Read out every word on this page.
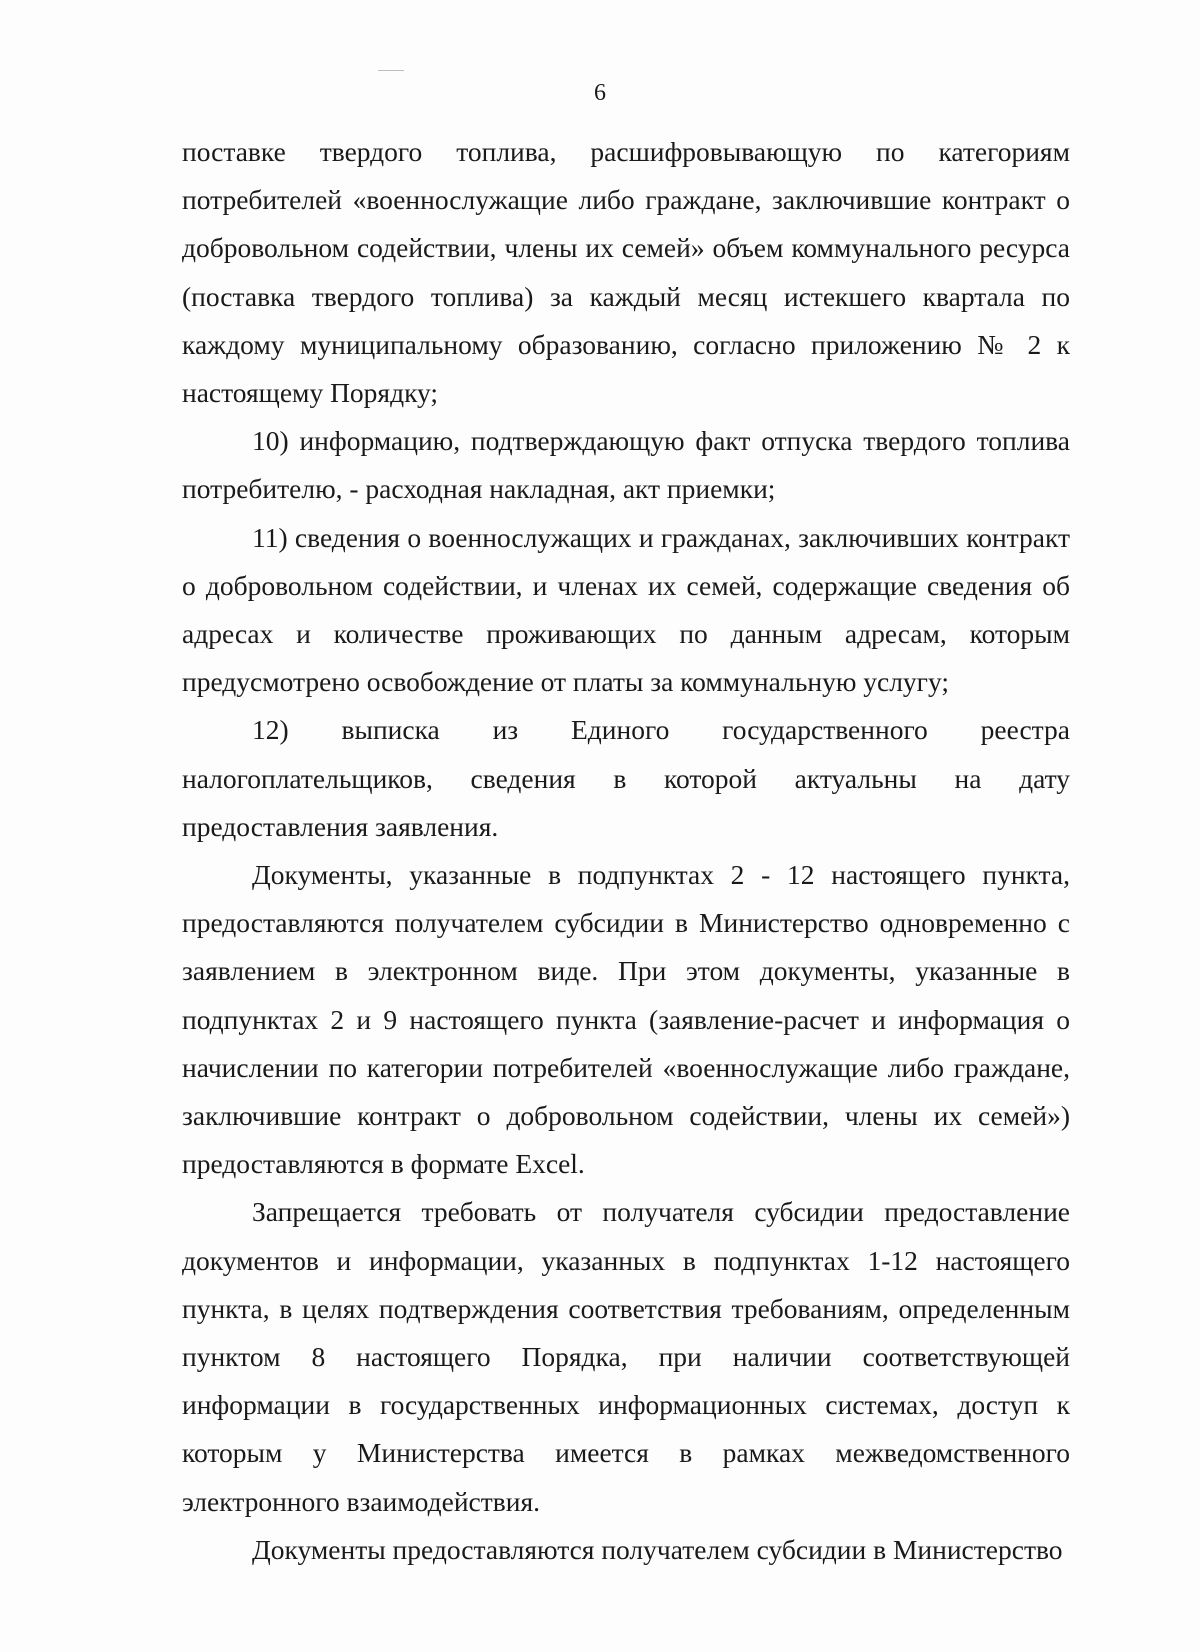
6

поставке твердого топлива, расшифровывающую по категориям потребителей «военнослужащие либо граждане, заключившие контракт о добровольном содействии, члены их семей» объем коммунального ресурса (поставка твердого топлива) за каждый месяц истекшего квартала по каждому муниципальному образованию, согласно приложению № 2 к настоящему Порядку;

10) информацию, подтверждающую факт отпуска твердого топлива потребителю, - расходная накладная, акт приемки;

11) сведения о военнослужащих и гражданах, заключивших контракт о добровольном содействии, и членах их семей, содержащие сведения об адресах и количестве проживающих по данным адресам, которым предусмотрено освобождение от платы за коммунальную услугу;

12) выписка из Единого государственного реестра налогоплательщиков, сведения в которой актуальны на дату предоставления заявления.

Документы, указанные в подпунктах 2 - 12 настоящего пункта, предоставляются получателем субсидии в Министерство одновременно с заявлением в электронном виде. При этом документы, указанные в подпунктах 2 и 9 настоящего пункта (заявление-расчет и информация о начислении по категории потребителей «военнослужащие либо граждане, заключившие контракт о добровольном содействии, члены их семей») предоставляются в формате Excel.

Запрещается требовать от получателя субсидии предоставление документов и информации, указанных в подпунктах 1-12 настоящего пункта, в целях подтверждения соответствия требованиям, определенным пунктом 8 настоящего Порядка, при наличии соответствующей информации в государственных информационных системах, доступ к которым у Министерства имеется в рамках межведомственного электронного взаимодействия.

Документы предоставляются получателем субсидии в Министерство
